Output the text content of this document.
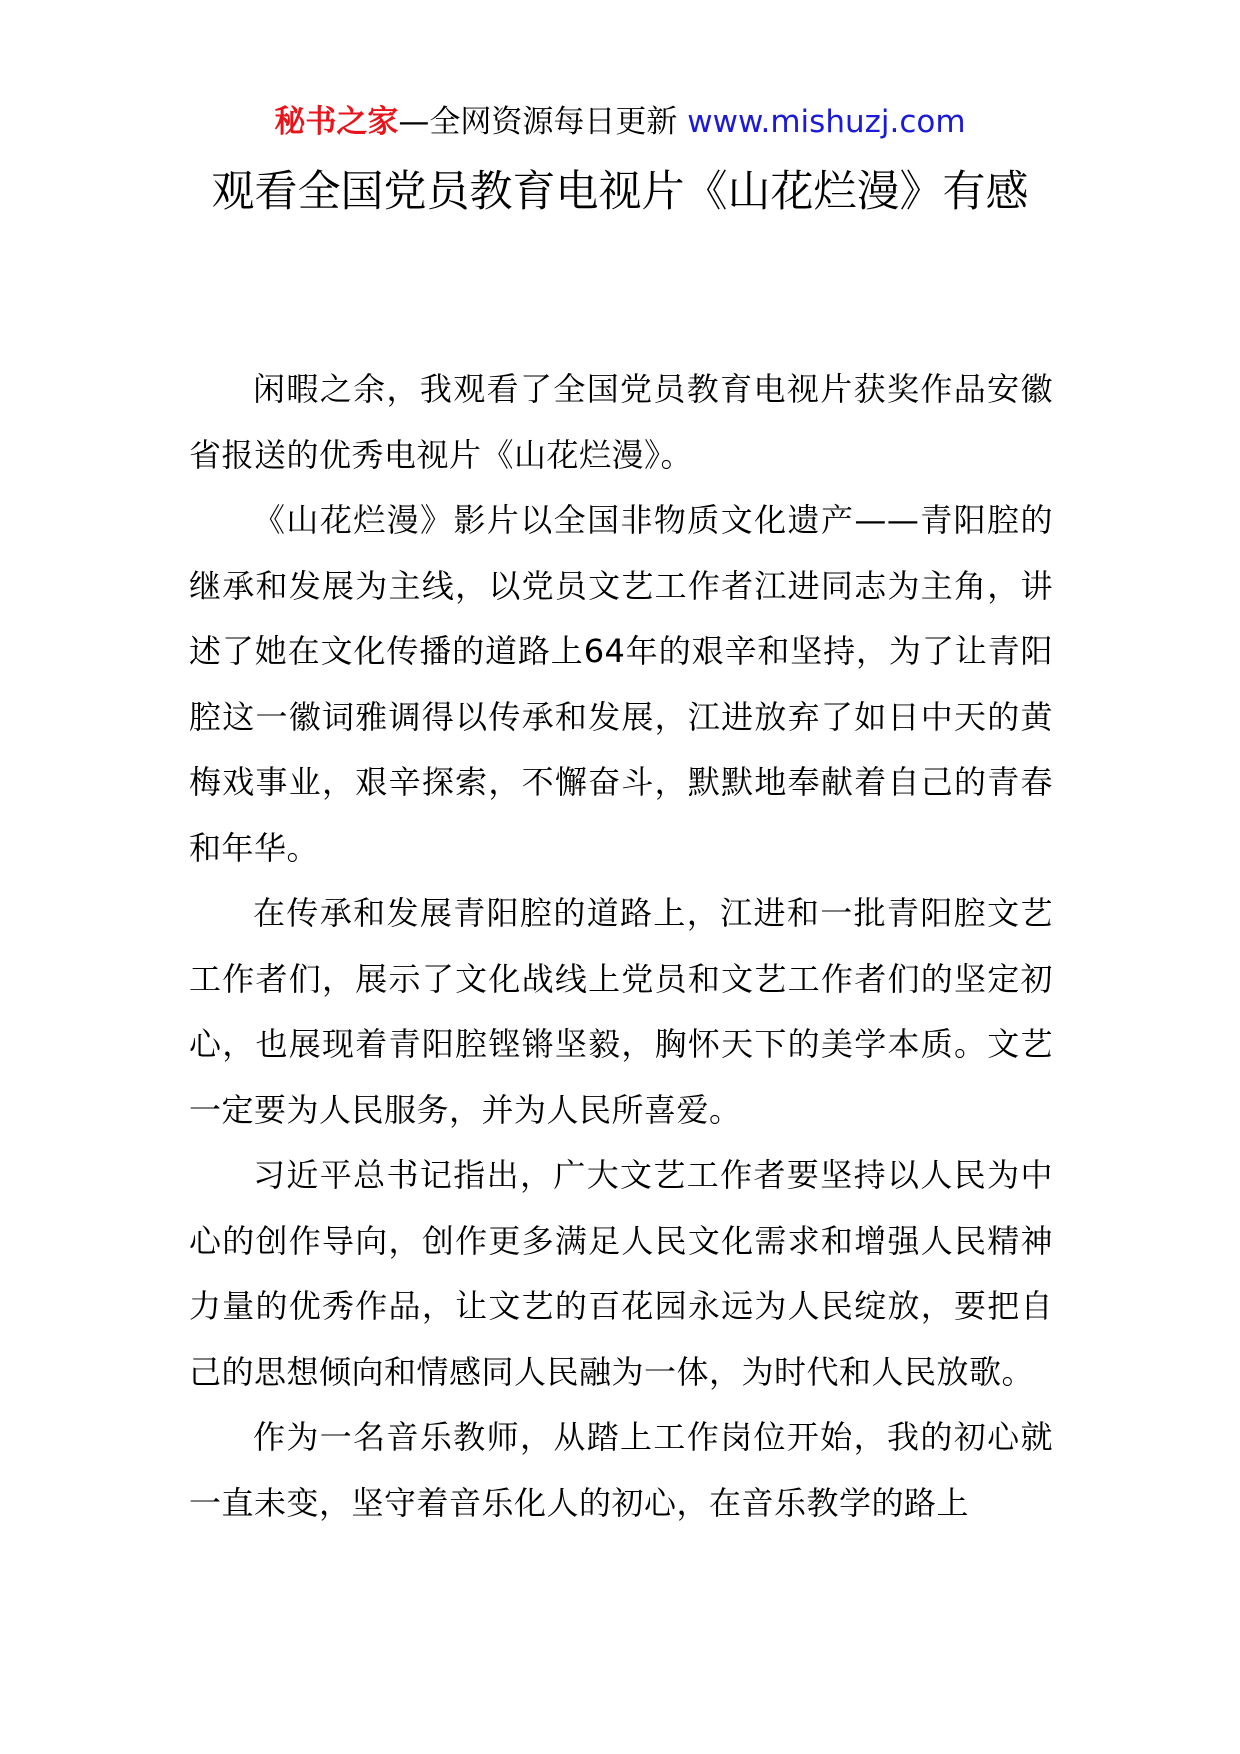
秘书之家—全网资源每日更新 www.mishuzj.com
观看全国党员教育电视片《山花烂漫》有感

闲暇之余，我观看了全国党员教育电视片获奖作品安徽省报送的优秀电视片《山花烂漫》。

《山花烂漫》影片以全国非物质文化遗产——青阳腔的继承和发展为主线，以党员文艺工作者江进同志为主角，讲述了她在文化传播的道路上64年的艰辛和坚持，为了让青阳腔这一徽词雅调得以传承和发展，江进放弃了如日中天的黄梅戏事业，艰辛探索，不懈奋斗，默默地奉献着自己的青春和年华。

在传承和发展青阳腔的道路上，江进和一批青阳腔文艺工作者们，展示了文化战线上党员和文艺工作者们的坚定初心，也展现着青阳腔铿锵坚毅，胸怀天下的美学本质。文艺一定要为人民服务，并为人民所喜爱。

习近平总书记指出，广大文艺工作者要坚持以人民为中心的创作导向，创作更多满足人民文化需求和增强人民精神力量的优秀作品，让文艺的百花园永远为人民绽放，要把自己的思想倾向和情感同人民融为一体，为时代和人民放歌。

作为一名音乐教师，从踏上工作岗位开始，我的初心就一直未变，坚守着音乐化人的初心，在音乐教学的路上
